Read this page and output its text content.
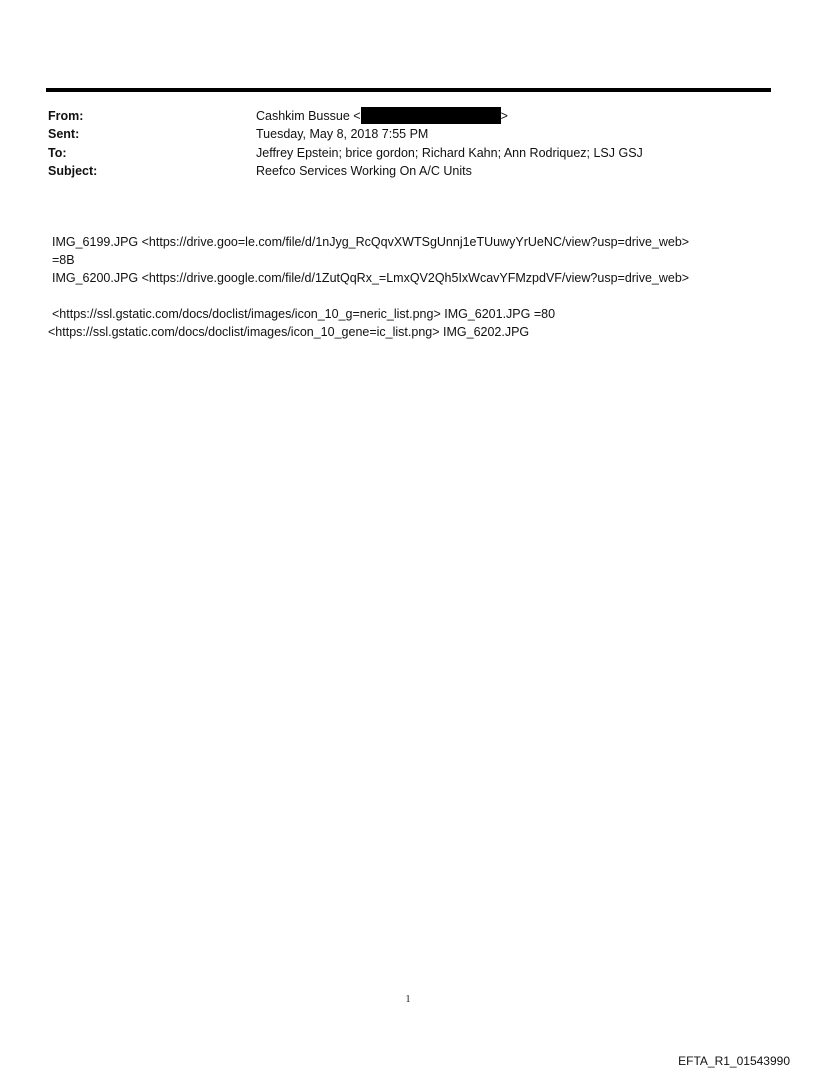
From:	Cashkim Bussue <	>
Sent:	Tuesday, May 8, 2018 7:55 PM
To:	Jeffrey Epstein; brice gordon; Richard Kahn; Ann Rodriquez; LSJ GSJ
Subject:	Reefco Services Working On A/C Units
IMG_6199.JPG <https://drive.goo=le.com/file/d/1nJyg_RcQqvXWTSgUnnj1eTUuwyYrUeNC/view?usp=drive_web>
=8B
IMG_6200.JPG <https://drive.google.com/file/d/1ZutQqRx_=LmxQV2Qh5IxWcavYFMzpdVF/view?usp=drive_web>
<https://ssl.gstatic.com/docs/doclist/images/icon_10_g=neric_list.png> IMG_6201.JPG =80
<https://ssl.gstatic.com/docs/doclist/images/icon_10_gene=ic_list.png> IMG_6202.JPG
1
EFTA_R1_01543990
